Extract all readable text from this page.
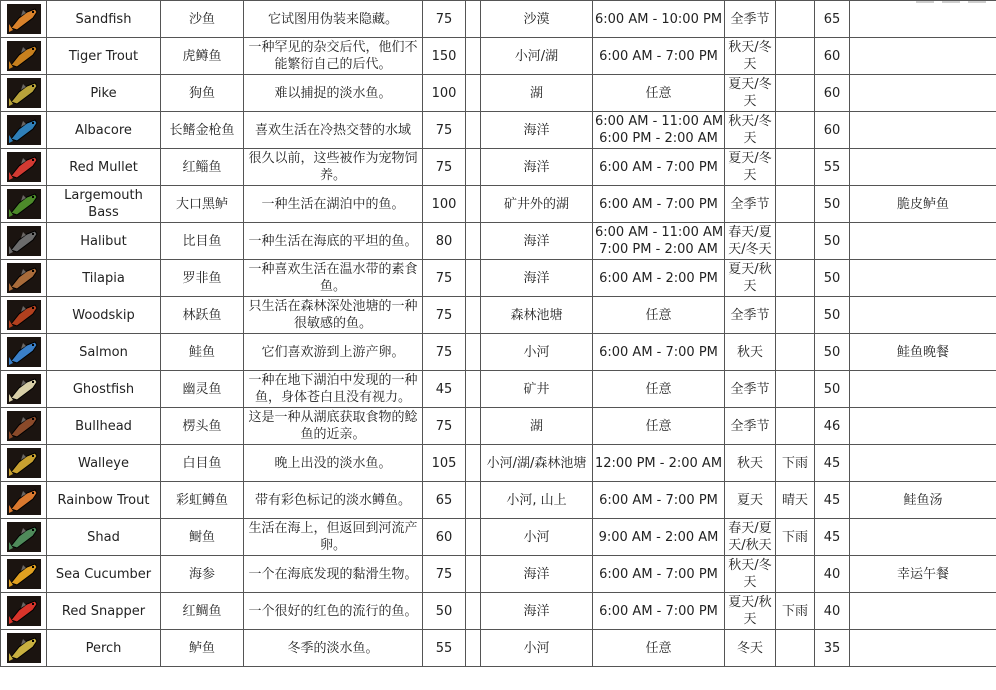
	Sandfish	沙鱼	它试图用伪装来隐藏。	75		沙漠	6:00 AM - 10:00 PM	全季节		65	

	Tiger Trout	虎鳟鱼	一种罕见的杂交后代，他们不能繁衍自己的后代。	150		小河/湖	6:00 AM - 7:00 PM	秋天/冬天		60	

	Pike	狗鱼	难以捕捉的淡水鱼。	100		湖	任意	夏天/冬天		60	

	Albacore	长鳍金枪鱼	喜欢生活在冷热交替的水域	75		海洋	6:00 AM - 11:00 AM
6:00 PM - 2:00 AM	秋天/冬天		60	

	Red Mullet	红鲻鱼	很久以前，这些被作为宠物饲养。	75		海洋	6:00 AM - 7:00 PM	夏天/冬天		55	

	Largemouth Bass	大口黑鲈	一种生活在湖泊中的鱼。	100		矿井外的湖	6:00 AM - 7:00 PM	全季节		50	脆皮鲈鱼

	Halibut	比目鱼	一种生活在海底的平坦的鱼。	80		海洋	6:00 AM - 11:00 AM
7:00 PM - 2:00 AM	春天/夏天/冬天		50	

	Tilapia	罗非鱼	一种喜欢生活在温水带的素食鱼。	75		海洋	6:00 AM - 2:00 PM	夏天/秋天		50	

	Woodskip	林跃鱼	只生活在森林深处池塘的一种很敏感的鱼。	75		森林池塘	任意	全季节		50	

	Salmon	鲑鱼	它们喜欢游到上游产卵。	75		小河	6:00 AM - 7:00 PM	秋天		50	鲑鱼晚餐

	Ghostfish	幽灵鱼	一种在地下湖泊中发现的一种鱼，身体苍白且没有视力。	45		矿井	任意	全季节		50	

	Bullhead	楞头鱼	这是一种从湖底获取食物的鲶鱼的近亲。	75		湖	任意	全季节		46	

	Walleye	白目鱼	晚上出没的淡水鱼。	105		小河/湖/森林池塘	12:00 PM - 2:00 AM	秋天	下雨	45	

	Rainbow Trout	彩虹鳟鱼	带有彩色标记的淡水鳟鱼。	65		小河, 山上	6:00 AM - 7:00 PM	夏天	晴天	45	鲑鱼汤

	Shad	鲥鱼	生活在海上，但返回到河流产卵。	60		小河	9:00 AM - 2:00 AM	春天/夏天/秋天	下雨	45	

	Sea Cucumber	海参	一个在海底发现的黏滑生物。	75		海洋	6:00 AM - 7:00 PM	秋天/冬天		40	幸运午餐

	Red Snapper	红鲷鱼	一个很好的红色的流行的鱼。	50		海洋	6:00 AM - 7:00 PM	夏天/秋天	下雨	40	

	Perch	鲈鱼	冬季的淡水鱼。	55		小河	任意	冬天		35	
